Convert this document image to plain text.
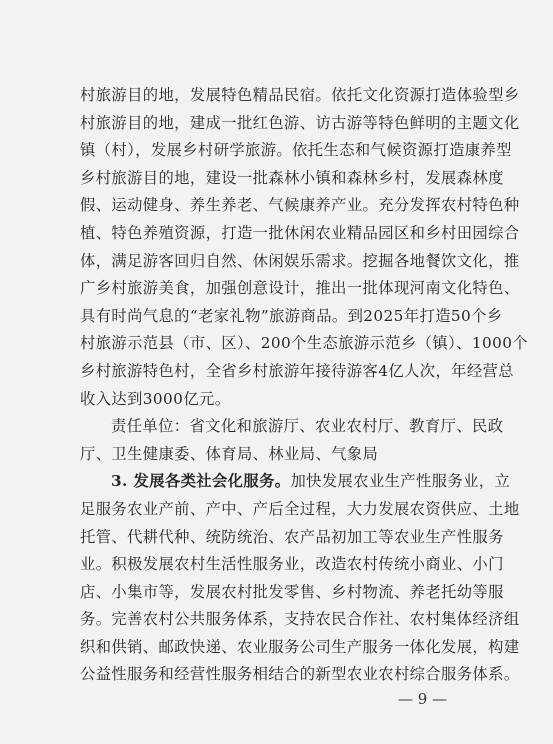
村旅游目的地，发展特色精品民宿。依托文化资源打造体验型乡
村旅游目的地，建成一批红色游、访古游等特色鲜明的主题文化
镇（村），发展乡村研学旅游。依托生态和气候资源打造康养型
乡村旅游目的地，建设一批森林小镇和森林乡村，发展森林度
假、运动健身、养生养老、气候康养产业。充分发挥农村特色种
植、特色养殖资源，打造一批休闲农业精品园区和乡村田园综合
体，满足游客回归自然、休闲娱乐需求。挖掘各地餐饮文化，推
广乡村旅游美食，加强创意设计，推出一批体现河南文化特色、
具有时尚气息的“老家礼物”旅游商品。到2025年打造50个乡
村旅游示范县（市、区）、200个生态旅游示范乡（镇）、1000个
乡村旅游特色村，全省乡村旅游年接待游客4亿人次，年经营总
收入达到3000亿元。
责任单位：省文化和旅游厅、农业农村厅、教育厅、民政
厅、卫生健康委、体育局、林业局、气象局
3. 发展各类社会化服务。加快发展农业生产性服务业，立
足服务农业产前、产中、产后全过程，大力发展农资供应、土地
托管、代耕代种、统防统治、农产品初加工等农业生产性服务
业。积极发展农村生活性服务业，改造农村传统小商业、小门
店、小集市等，发展农村批发零售、乡村物流、养老托幼等服
务。完善农村公共服务体系，支持农民合作社、农村集体经济组
织和供销、邮政快递、农业服务公司生产服务一体化发展，构建
公益性服务和经营性服务相结合的新型农业农村综合服务体系。
— 9 —
